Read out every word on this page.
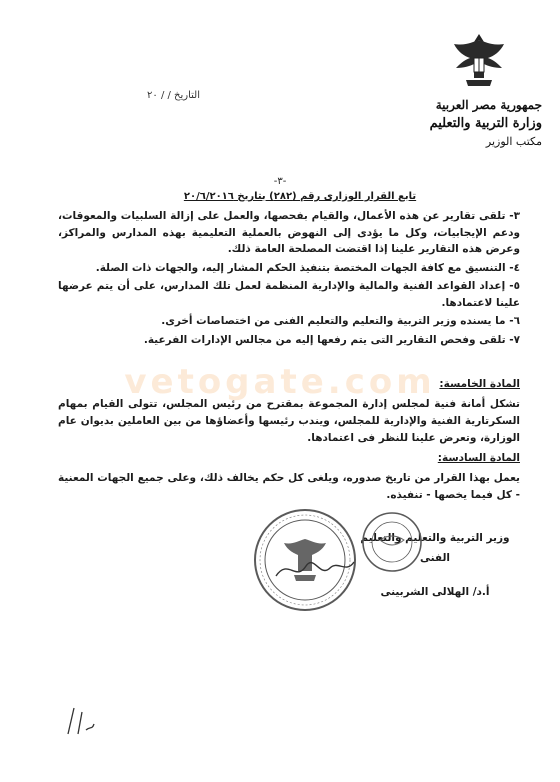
التاريخ / / ٢٠
جمهورية مصر العربية
وزارة التربية والتعليم
مكتب الوزير
-٣-
تابع القرار الوزارى رقم (٢٨٢) بتاريخ ٢٠/٦/٢٠١٦

٣- تلقى تقارير عن هذه الأعمال، والقيام بفحصها، والعمل على إزالة السلبيات والمعوقات، ودعم الإيجابيات، وكل ما يؤدى إلى النهوض بالعملية التعليمية بهذه المدارس والمراكز، وعرض هذه التقارير علينا إذا اقتضت المصلحة العامة ذلك.

٤- التنسيق مع كافة الجهات المختصة بتنفيذ الحكم المشار إليه، والجهات ذات الصلة.

٥- إعداد القواعد الفنية والمالية والإدارية المنظمة لعمل تلك المدارس، على أن يتم عرضها علينا لاعتمادها.

٦- ما يسنده وزير التربية والتعليم والتعليم الفنى من اختصاصات أخرى.

٧- تلقى وفحص التقارير التى يتم رفعها إليه من مجالس الإدارات الفرعية.

vetogate.com المادة الخامسة:
تشكل أمانة فنية لمجلس إدارة المجموعة بمقترح من رئيس المجلس، تتولى القيام بمهام السكرتارية الفنية والإدارية للمجلس، ويندب رئيسها وأعضاؤها من بين العاملين بديوان عام الوزارة، وتعرض علينا للنظر فى اعتمادها.
المادة السادسة:
يعمل بهذا القرار من تاريخ صدوره، ويلغى كل حكم يخالف ذلك، وعلى جميع الجهات المعنية - كل فيما يخصها - تنفيذه.
وزير التربية والتعليم والتعليم الفنى
أ.د/ الهلالى الشربينى
